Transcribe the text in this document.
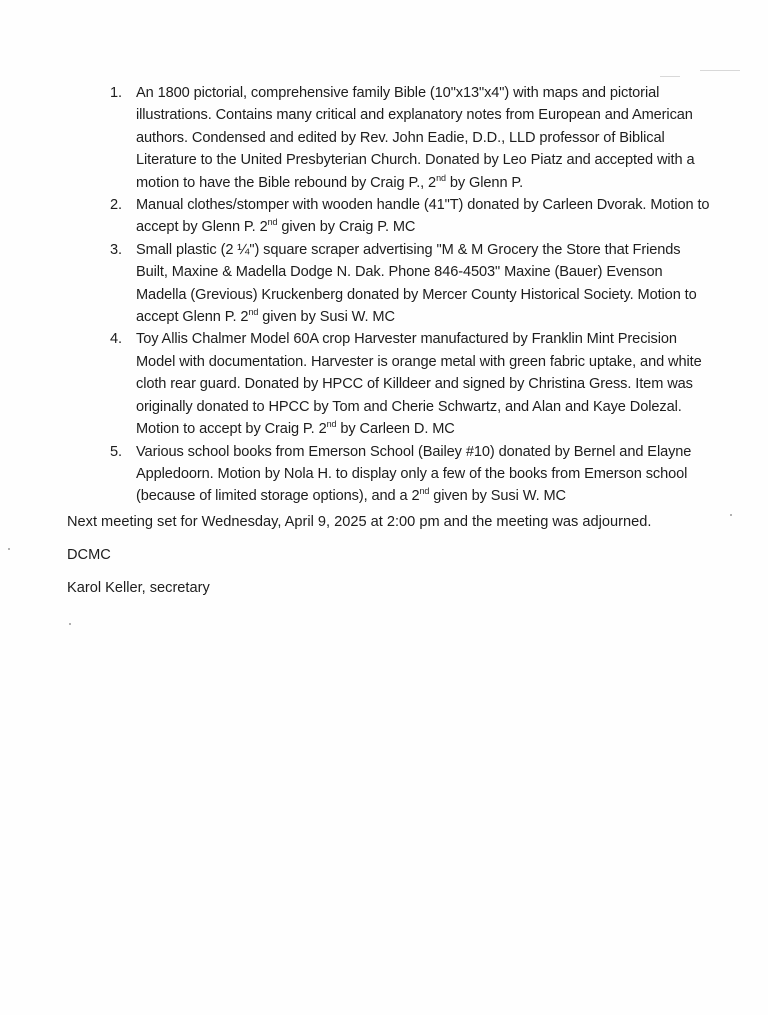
1. An 1800 pictorial, comprehensive family Bible (10"x13"x4") with maps and pictorial illustrations. Contains many critical and explanatory notes from European and American authors. Condensed and edited by Rev. John Eadie, D.D., LLD professor of Biblical Literature to the United Presbyterian Church. Donated by Leo Piatz and accepted with a motion to have the Bible rebound by Craig P., 2nd by Glenn P.
2. Manual clothes/stomper with wooden handle (41"T) donated by Carleen Dvorak. Motion to accept by Glenn P. 2nd given by Craig P. MC
3. Small plastic (2 ¼") square scraper advertising "M & M Grocery the Store that Friends Built, Maxine & Madella Dodge N. Dak. Phone 846-4503" Maxine (Bauer) Evenson Madella (Grevious) Kruckenberg donated by Mercer County Historical Society. Motion to accept Glenn P. 2nd given by Susi W. MC
4. Toy Allis Chalmer Model 60A crop Harvester manufactured by Franklin Mint Precision Model with documentation. Harvester is orange metal with green fabric uptake, and white cloth rear guard. Donated by HPCC of Killdeer and signed by Christina Gress. Item was originally donated to HPCC by Tom and Cherie Schwartz, and Alan and Kaye Dolezal. Motion to accept by Craig P. 2nd by Carleen D. MC
5. Various school books from Emerson School (Bailey #10) donated by Bernel and Elayne Appledoorn. Motion by Nola H. to display only a few of the books from Emerson school (because of limited storage options), and a 2nd given by Susi W. MC
Next meeting set for Wednesday, April 9, 2025 at 2:00 pm and the meeting was adjourned.
DCMC
Karol Keller, secretary
